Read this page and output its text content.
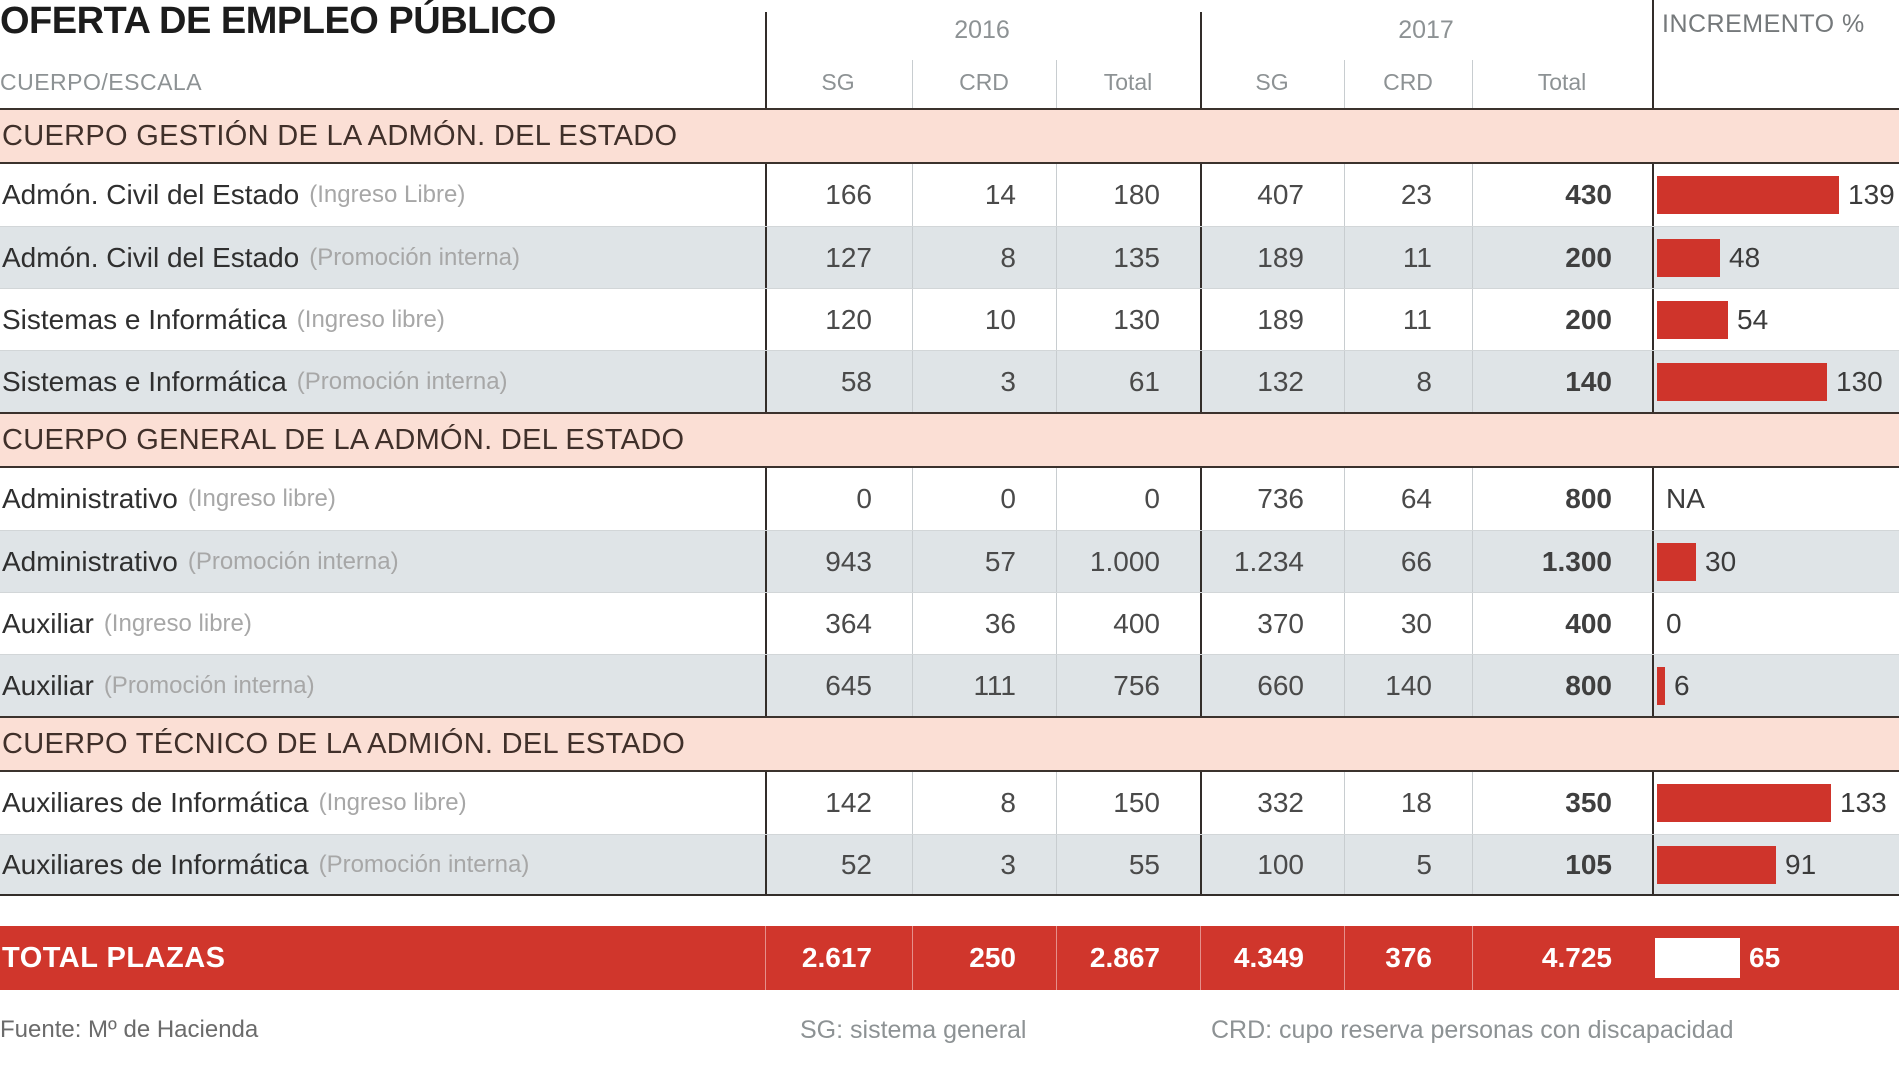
OFERTA DE EMPLEO PÚBLICO
CUERPO/ESCALA
2016	2017
SG	CRD	Total	SG	CRD	Total
INCREMENTO %
CUERPO GESTIÓN DE LA ADMÓN. DEL ESTADO
Admón. Civil del Estado (Ingreso Libre)	166	14	180	407	23	430	139
Admón. Civil del Estado (Promoción interna)	127	8	135	189	11	200	48
Sistemas e Informática (Ingreso libre)	120	10	130	189	11	200	54
Sistemas e Informática (Promoción interna)	58	3	61	132	8	140	130
CUERPO GENERAL DE LA ADMÓN. DEL ESTADO
Administrativo (Ingreso libre)	0	0	0	736	64	800	NA
Administrativo (Promoción interna)	943	57	1.000	1.234	66	1.300	30
Auxiliar (Ingreso libre)	364	36	400	370	30	400	0
Auxiliar (Promoción interna)	645	111	756	660	140	800	6
CUERPO TÉCNICO DE LA ADMIÓN. DEL ESTADO
Auxiliares de Informática (Ingreso libre)	142	8	150	332	18	350	133
Auxiliares de Informática (Promoción interna)	52	3	55	100	5	105	91
TOTAL PLAZAS	2.617	250	2.867	4.349	376	4.725	65
Fuente: Mº de Hacienda	SG: sistema general	CRD: cupo reserva personas con discapacidad
